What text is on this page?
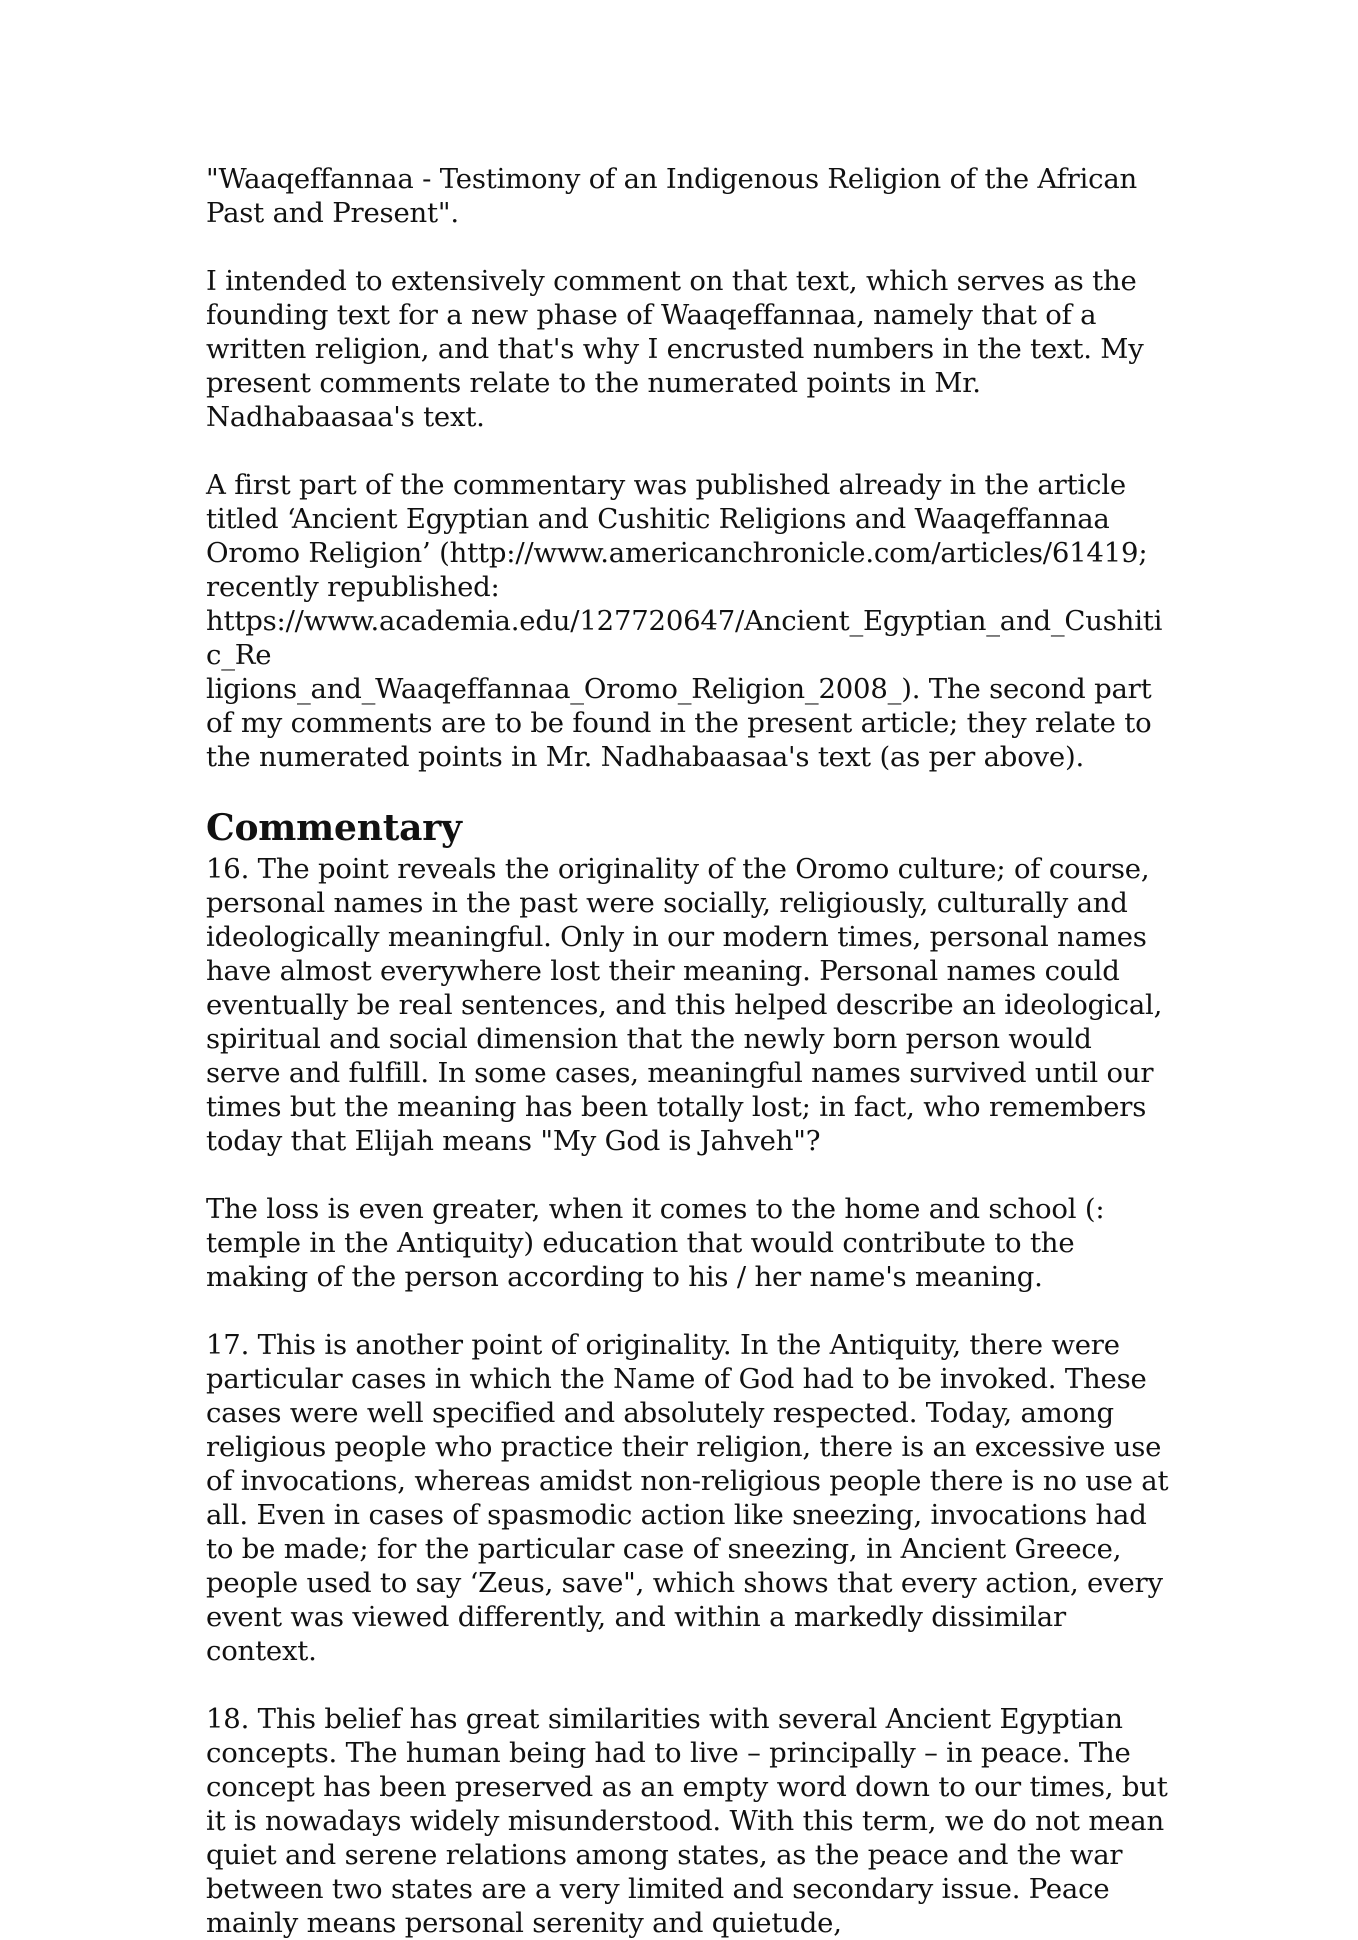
"Waaqeffannaa - Testimony of an Indigenous Religion of the African Past and Present".

I intended to extensively comment on that text, which serves as the founding text for a new phase of Waaqeffannaa, namely that of a written religion, and that's why I encrusted numbers in the text. My present comments relate to the numerated points in Mr. Nadhabaasaa's text.

A first part of the commentary was published already in the article titled ‘Ancient Egyptian and Cushitic Religions and Waaqeffannaa Oromo Religion’ (http://www.americanchronicle.com/articles/61419; recently republished:
https://www.academia.edu/127720647/Ancient_Egyptian_and_Cushitic_Re
ligions_and_Waaqeffannaa_Oromo_Religion_2008_). The second part of my comments are to be found in the present article; they relate to the numerated points in Mr. Nadhabaasaa's text (as per above).

Commentary

16. The point reveals the originality of the Oromo culture; of course, personal names in the past were socially, religiously, culturally and ideologically meaningful. Only in our modern times, personal names have almost everywhere lost their meaning. Personal names could eventually be real sentences, and this helped describe an ideological, spiritual and social dimension that the newly born person would serve and fulfill. In some cases, meaningful names survived until our times but the meaning has been totally lost; in fact, who remembers today that Elijah means "My God is Jahveh"?

The loss is even greater, when it comes to the home and school (: temple in the Antiquity) education that would contribute to the making of the person according to his / her name's meaning.

17. This is another point of originality. In the Antiquity, there were particular cases in which the Name of God had to be invoked. These cases were well specified and absolutely respected. Today, among religious people who practice their religion, there is an excessive use of invocations, whereas amidst non-religious people there is no use at all. Even in cases of spasmodic action like sneezing, invocations had to be made; for the particular case of sneezing, in Ancient Greece, people used to say ‘Zeus, save", which shows that every action, every event was viewed differently, and within a markedly dissimilar context.

18. This belief has great similarities with several Ancient Egyptian concepts. The human being had to live – principally – in peace. The concept has been preserved as an empty word down to our times, but it is nowadays widely misunderstood. With this term, we do not mean quiet and serene relations among states, as the peace and the war between two states are a very limited and secondary issue. Peace mainly means personal serenity and quietude,
